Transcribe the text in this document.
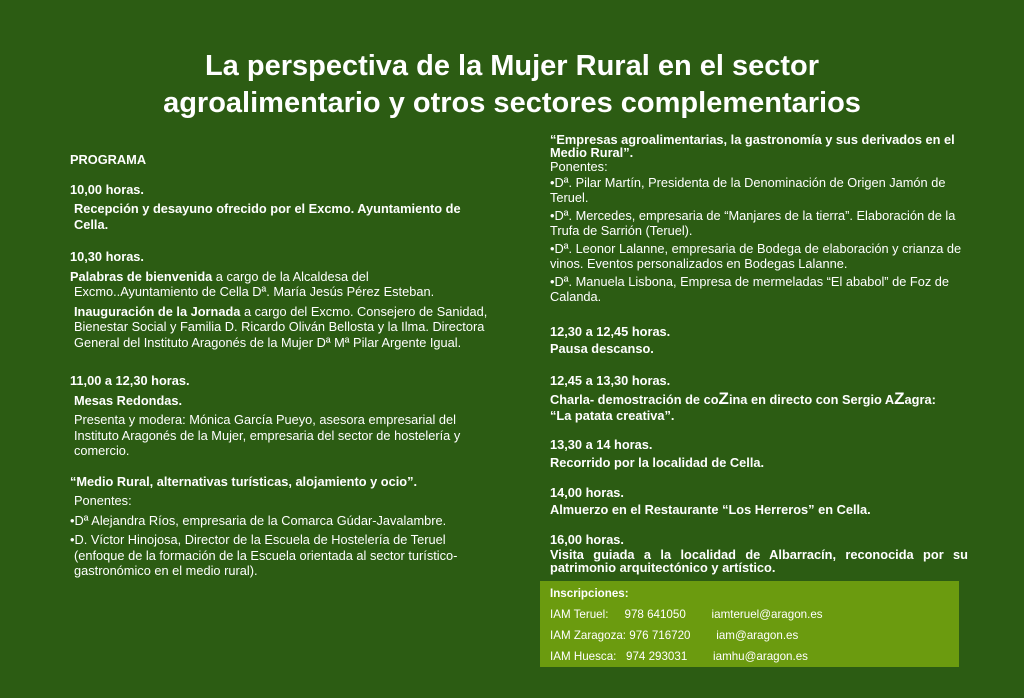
La perspectiva de la Mujer Rural en el sector
agroalimentario y otros sectores complementarios

PROGRAMA

10,00 horas.

Recepción y desayuno ofrecido por el Excmo. Ayuntamiento de Cella.

10,30 horas.

Palabras de bienvenida a cargo de la Alcaldesa del

Excmo..Ayuntamiento de Cella Dª. María Jesús Pérez Esteban.

Inauguración de la Jornada a cargo del Excmo. Consejero de Sanidad, Bienestar Social y Familia D. Ricardo Oliván Bellosta y la Ilma. Directora General del Instituto Aragonés de la Mujer Dª Mª Pilar Argente Igual.

11,00 a 12,30 horas.

Mesas Redondas.

Presenta y modera: Mónica García Pueyo, asesora empresarial del Instituto Aragonés de la Mujer, empresaria del sector de hostelería y comercio.

“Medio Rural, alternativas turísticas, alojamiento y ocio”.

Ponentes:

•Dª Alejandra Ríos, empresaria de la Comarca Gúdar-Javalambre.

•D. Víctor Hinojosa, Director de la Escuela de Hostelería de Teruel

(enfoque de la formación de la Escuela orientada al sector turístico-gastronómico en el medio rural).

“Empresas agroalimentarias, la gastronomía y sus derivados en el Medio Rural”.

Ponentes:

•Dª. Pilar Martín, Presidenta de la Denominación de Origen Jamón de Teruel.

•Dª. Mercedes, empresaria de “Manjares de la tierra”. Elaboración de la Trufa de Sarrión (Teruel).

•Dª. Leonor Lalanne, empresaria de Bodega de elaboración y crianza de vinos. Eventos personalizados en Bodegas Lalanne.

•Dª. Manuela Lisbona, Empresa de mermeladas “El ababol” de Foz de Calanda.

12,30 a 12,45 horas.

Pausa descanso.

12,45 a 13,30 horas.

Charla- demostración de coZina en directo con Sergio AZagra:

“La patata creativa”.

13,30 a 14 horas.

Recorrido por la localidad de Cella.

14,00 horas.

Almuerzo en el Restaurante “Los Herreros” en Cella.

16,00 horas.

Visita guiada a la localidad de Albarracín, reconocida por su patrimonio arquitectónico y artístico.

Inscripciones:
IAM Teruel:     978 641050        iamteruel@aragon.es
IAM Zaragoza: 976 716720        iam@aragon.es
IAM Huesca:   974 293031        iamhu@aragon.es
